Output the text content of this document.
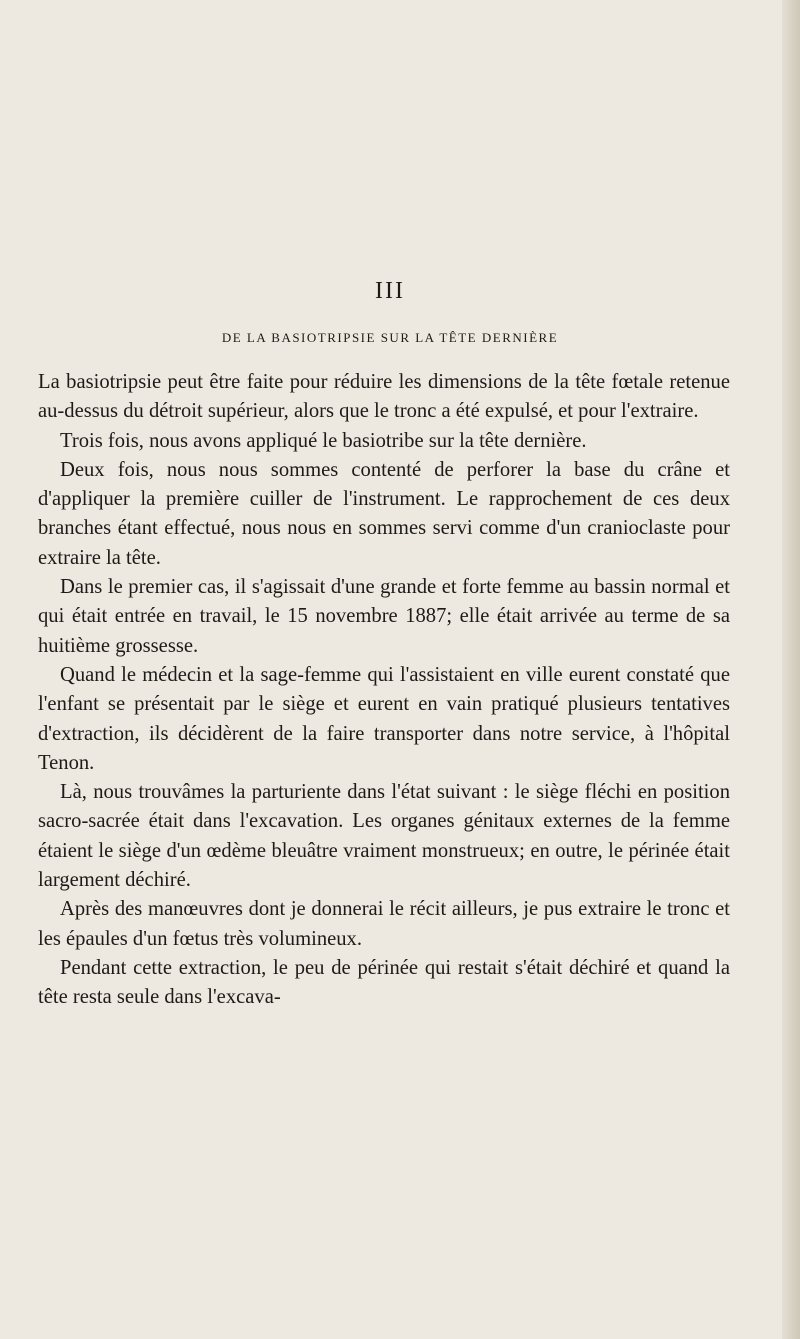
III
DE LA BASIOTRIPSIE SUR LA TÊTE DERNIÈRE

La basiotripsie peut être faite pour réduire les dimensions de la tête fœtale retenue au-dessus du détroit supérieur, alors que le tronc a été expulsé, et pour l'extraire.

Trois fois, nous avons appliqué le basiotribe sur la tête dernière.

Deux fois, nous nous sommes contenté de perforer la base du crâne et d'appliquer la première cuiller de l'instrument. Le rapprochement de ces deux branches étant effectué, nous nous en sommes servi comme d'un cranioclaste pour extraire la tête.

Dans le premier cas, il s'agissait d'une grande et forte femme au bassin normal et qui était entrée en travail, le 15 novembre 1887; elle était arrivée au terme de sa huitième grossesse.

Quand le médecin et la sage-femme qui l'assistaient en ville eurent constaté que l'enfant se présentait par le siège et eurent en vain pratiqué plusieurs tentatives d'extraction, ils décidèrent de la faire transporter dans notre service, à l'hôpital Tenon.

Là, nous trouvâmes la parturiente dans l'état suivant : le siège fléchi en position sacro-sacrée était dans l'excavation. Les organes génitaux externes de la femme étaient le siège d'un œdème bleuâtre vraiment monstrueux; en outre, le périnée était largement déchiré.

Après des manœuvres dont je donnerai le récit ailleurs, je pus extraire le tronc et les épaules d'un fœtus très volumineux.

Pendant cette extraction, le peu de périnée qui restait s'était déchiré et quand la tête resta seule dans l'excava-
